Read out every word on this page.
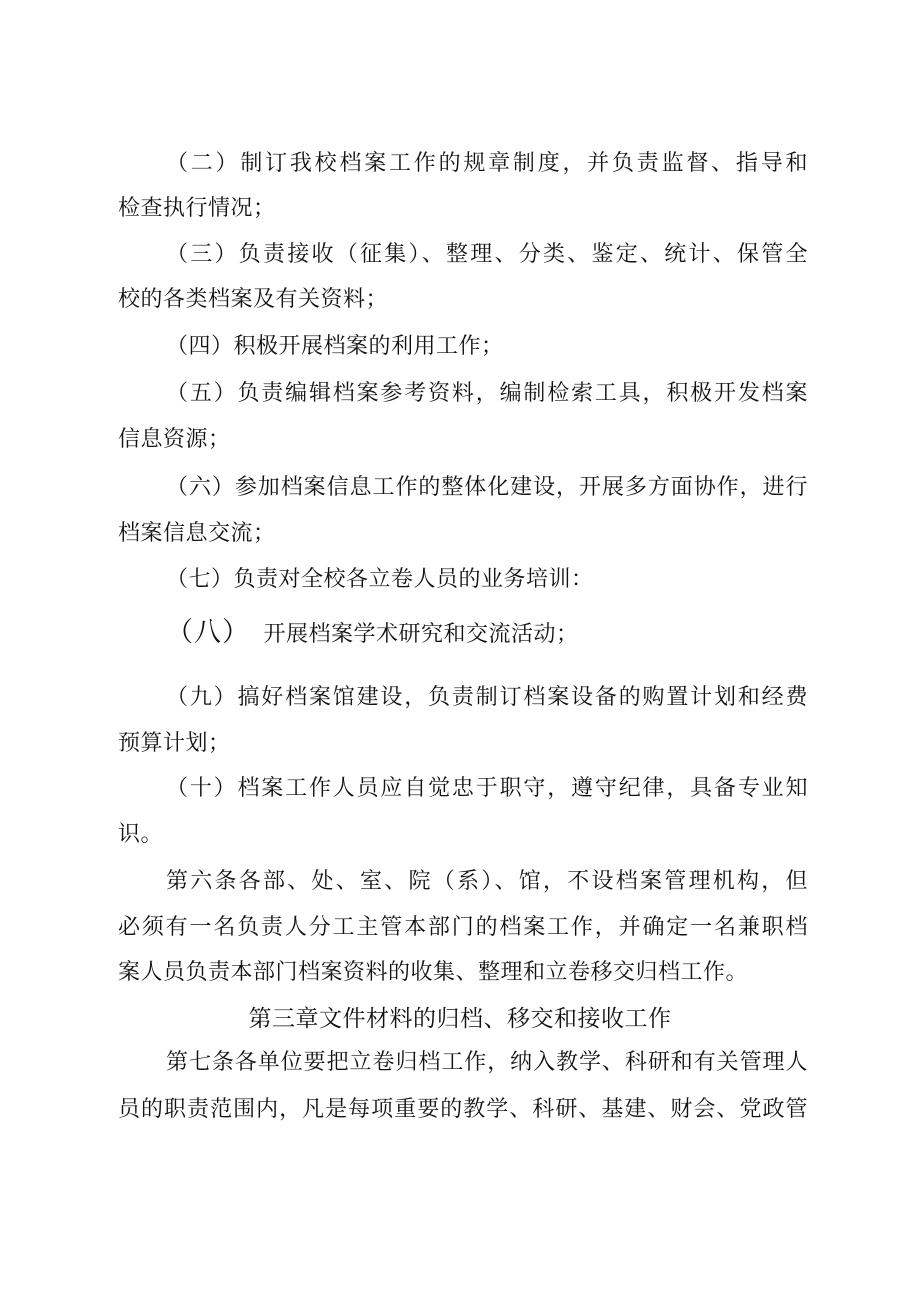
（二）制订我校档案工作的规章制度，并负责监督、指导和
检查执行情况；
（三）负责接收（征集）、整理、分类、鉴定、统计、保管全
校的各类档案及有关资料；
（四）积极开展档案的利用工作；
（五）负责编辑档案参考资料，编制检索工具，积极开发档案
信息资源；
（六）参加档案信息工作的整体化建设，开展多方面协作，进行
档案信息交流；
（七）负责对全校各立卷人员的业务培训：
（八） 开展档案学术研究和交流活动；
（九）搞好档案馆建设，负责制订档案设备的购置计划和经费
预算计划；
（十）档案工作人员应自觉忠于职守，遵守纪律，具备专业知
识。
第六条各部、处、室、院（系）、馆，不设档案管理机构，但
必须有一名负责人分工主管本部门的档案工作，并确定一名兼职档
案人员负责本部门档案资料的收集、整理和立卷移交归档工作。
第三章文件材料的归档、移交和接收工作
第七条各单位要把立卷归档工作，纳入教学、科研和有关管理人
员的职责范围内，凡是每项重要的教学、科研、基建、财会、党政管
